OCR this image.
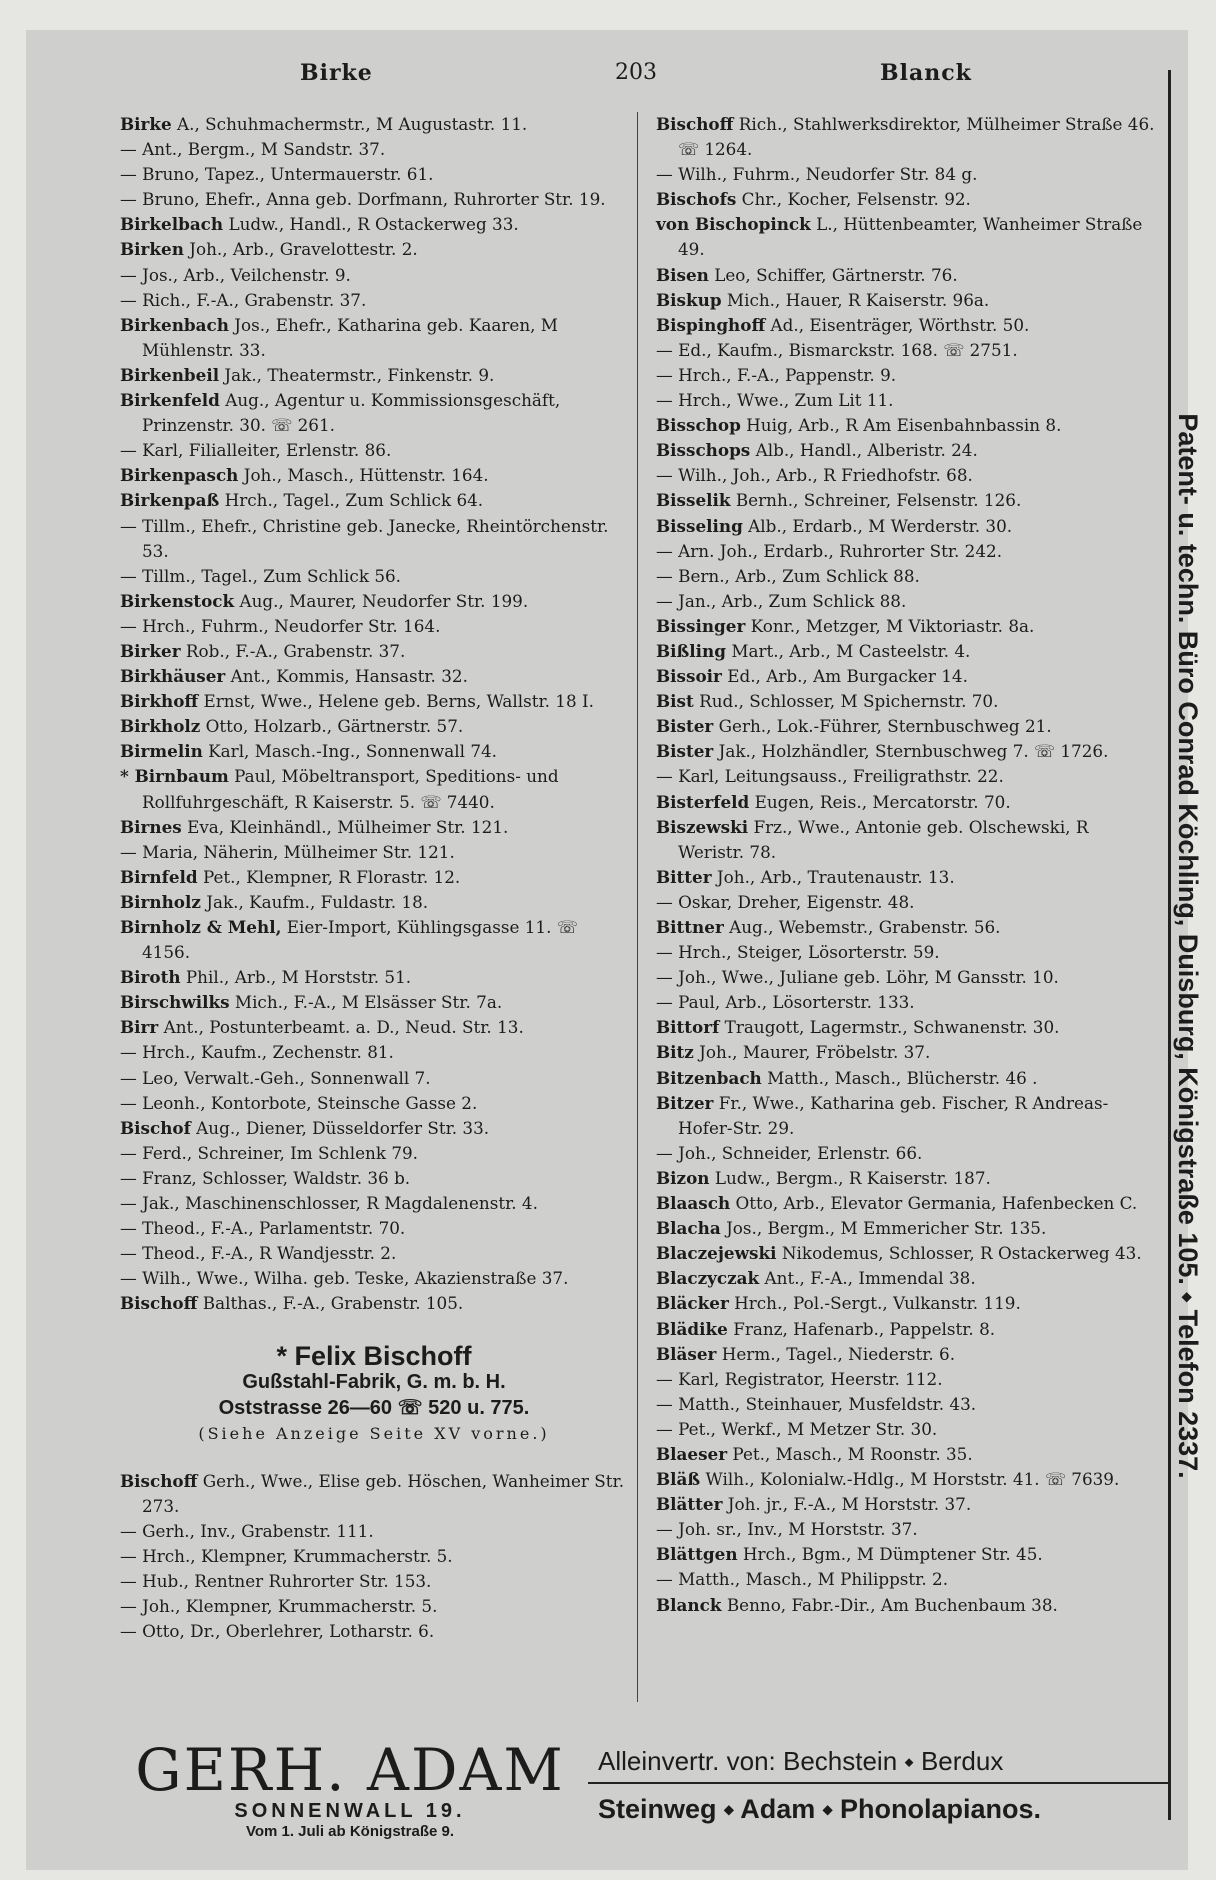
Birke	203	Blanck
Birke A., Schuhmachermstr., M Augustastr. 11.
— Ant., Bergm., M Sandstr. 37.
— Bruno, Tapez., Untermauerstr. 61.
— Bruno, Ehefr., Anna geb. Dorfmann, Ruhrorter Str. 19.
Birkelbach Ludw., Handl., R Ostackerweg 33.
Birken Joh., Arb., Gravelottestr. 2.
— Jos., Arb., Veilchenstr. 9.
— Rich., F.-A., Grabenstr. 37.
Birkenbach Jos., Ehefr., Katharina geb. Kaaren, M Mühlenstr. 33.
Birkenbeil Jak., Theatermstr., Finkenstr. 9.
Birkenfeld Aug., Agentur u. Kommissionsgeschäft, Prinzenstr. 30. ☏ 261.
— Karl, Filialleiter, Erlenstr. 86.
Birkenpasch Joh., Masch., Hüttenstr. 164.
Birkenpaß Hrch., Tagel., Zum Schlick 64.
— Tillm., Ehefr., Christine geb. Janecke, Rheintörchenstr. 53.
— Tillm., Tagel., Zum Schlick 56.
Birkenstock Aug., Maurer, Neudorfer Str. 199.
— Hrch., Fuhrm., Neudorfer Str. 164.
Birker Rob., F.-A., Grabenstr. 37.
Birkhäuser Ant., Kommis, Hansastr. 32.
Birkhoff Ernst, Wwe., Helene geb. Berns, Wallstr. 18 I.
Birkholz Otto, Holzarb., Gärtnerstr. 57.
Birmelin Karl, Masch.-Ing., Sonnenwall 74.
* Birnbaum Paul, Möbeltransport, Speditions- und Rollfuhrgeschäft, R Kaiserstr. 5. ☏ 7440.
Birnes Eva, Kleinhändl., Mülheimer Str. 121.
— Maria, Näherin, Mülheimer Str. 121.
Birnfeld Pet., Klempner, R Florastr. 12.
Birnholz Jak., Kaufm., Fuldastr. 18.
Birnholz & Mehl, Eier-Import, Kühlingsgasse 11. ☏ 4156.
Biroth Phil., Arb., M Horststr. 51.
Birschwilks Mich., F.-A., M Elsässer Str. 7a.
Birr Ant., Postunterbeamt. a. D., Neud. Str. 13.
— Hrch., Kaufm., Zechenstr. 81.
— Leo, Verwalt.-Geh., Sonnenwall 7.
— Leonh., Kontorbote, Steinsche Gasse 2.
Bischof Aug., Diener, Düsseldorfer Str. 33.
— Ferd., Schreiner, Im Schlenk 79.
— Franz, Schlosser, Waldstr. 36 b.
— Jak., Maschinenschlosser, R Magdalenenstr. 4.
— Theod., F.-A., Parlamentstr. 70.
— Theod., F.-A., R Wandjesstr. 2.
— Wilh., Wwe., Wilha. geb. Teske, Akazienstraße 37.
Bischoff Balthas., F.-A., Grabenstr. 105.
* Felix Bischoff
Gußstahl-Fabrik, G. m. b. H.
Oststrasse 26—60 ☏ 520 u. 775.
(Siehe Anzeige Seite XV vorne.)
Bischoff Gerh., Wwe., Elise geb. Höschen, Wanheimer Str. 273.
— Gerh., Inv., Grabenstr. 111.
— Hrch., Klempner, Krummacherstr. 5.
— Hub., Rentner Ruhrorter Str. 153.
— Joh., Klempner, Krummacherstr. 5.
— Otto, Dr., Oberlehrer, Lotharstr. 6.
Bischoff Rich., Stahlwerksdirektor, Mülheimer Straße 46. ☏ 1264.
— Wilh., Fuhrm., Neudorfer Str. 84 g.
Bischofs Chr., Kocher, Felsenstr. 92.
von Bischopinck L., Hüttenbeamter, Wanheimer Straße 49.
Bisen Leo, Schiffer, Gärtnerstr. 76.
Biskup Mich., Hauer, R Kaiserstr. 96a.
Bispinghoff Ad., Eisenträger, Wörthstr. 50.
— Ed., Kaufm., Bismarckstr. 168. ☏ 2751.
— Hrch., F.-A., Pappenstr. 9.
— Hrch., Wwe., Zum Lit 11.
Bisschop Huig, Arb., R Am Eisenbahnbassin 8.
Bisschops Alb., Handl., Alberistr. 24.
— Wilh., Joh., Arb., R Friedhofstr. 68.
Bisselik Bernh., Schreiner, Felsenstr. 126.
Bisseling Alb., Erdarb., M Werderstr. 30.
— Arn. Joh., Erdarb., Ruhrorter Str. 242.
— Bern., Arb., Zum Schlick 88.
— Jan., Arb., Zum Schlick 88.
Bissinger Konr., Metzger, M Viktoriastr. 8a.
Bißling Mart., Arb., M Casteelstr. 4.
Bissoir Ed., Arb., Am Burgacker 14.
Bist Rud., Schlosser, M Spichernstr. 70.
Bister Gerh., Lok.-Führer, Sternbuschweg 21.
Bister Jak., Holzhändler, Sternbuschweg 7. ☏ 1726.
— Karl, Leitungsauss., Freiligrathstr. 22.
Bisterfeld Eugen, Reis., Mercatorstr. 70.
Biszewski Frz., Wwe., Antonie geb. Olschewski, R Weristr. 78.
Bitter Joh., Arb., Trautenaustr. 13.
— Oskar, Dreher, Eigenstr. 48.
Bittner Aug., Webemstr., Grabenstr. 56.
— Hrch., Steiger, Lösorterstr. 59.
— Joh., Wwe., Juliane geb. Löhr, M Gansstr. 10.
— Paul, Arb., Lösorterstr. 133.
Bittorf Traugott, Lagermstr., Schwanenstr. 30.
Bitz Joh., Maurer, Fröbelstr. 37.
Bitzenbach Matth., Masch., Blücherstr. 46 .
Bitzer Fr., Wwe., Katharina geb. Fischer, R Andreas-Hofer-Str. 29.
— Joh., Schneider, Erlenstr. 66.
Bizon Ludw., Bergm., R Kaiserstr. 187.
Blaasch Otto, Arb., Elevator Germania, Hafenbecken C.
Blacha Jos., Bergm., M Emmericher Str. 135.
Blaczejewski Nikodemus, Schlosser, R Ostackerweg 43.
Blaczyczak Ant., F.-A., Immendal 38.
Bläcker Hrch., Pol.-Sergt., Vulkanstr. 119.
Blädike Franz, Hafenarb., Pappelstr. 8.
Bläser Herm., Tagel., Niederstr. 6.
— Karl, Registrator, Heerstr. 112.
— Matth., Steinhauer, Musfeldstr. 43.
— Pet., Werkf., M Metzer Str. 30.
Blaeser Pet., Masch., M Roonstr. 35.
Bläß Wilh., Kolonialw.-Hdlg., M Horststr. 41. ☏ 7639.
Blätter Joh. jr., F.-A., M Horststr. 37.
— Joh. sr., Inv., M Horststr. 37.
Blättgen Hrch., Bgm., M Dümptener Str. 45.
— Matth., Masch., M Philippstr. 2.
Blanck Benno, Fabr.-Dir., Am Buchenbaum 38.
Patent- u. techn. Büro Conrad Köchling, Duisburg, Königstraße 105. ⬩ Telefon 2337.
GERH. ADAM
SONNENWALL 19.
Vom 1. Juli ab Königstraße 9.
Alleinvertr. von: Bechstein ⬩ Berdux
Steinweg ⬩ Adam ⬩ Phonolapianos.
